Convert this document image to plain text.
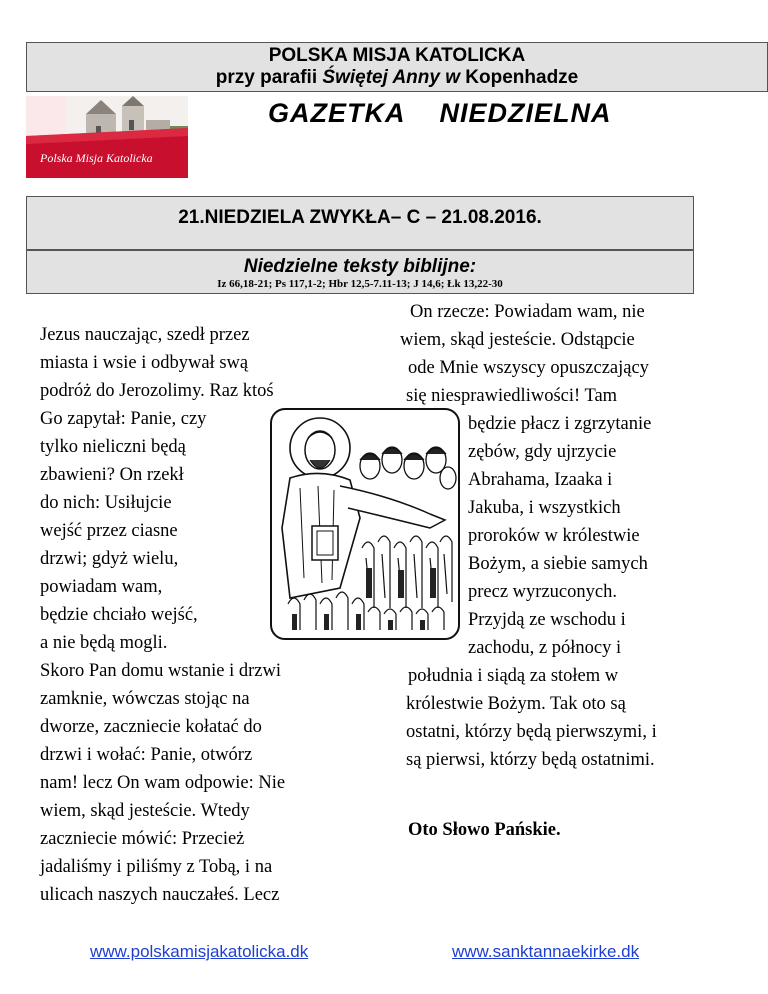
POLSKA MISJA KATOLICKA
przy parafii Świętej Anny w Kopenhadze
Polska Misja Katolicka
GAZETKA NIEDZIELNA
21.NIEDZIELA ZWYKŁA– C – 21.08.2016.
Niedzielne teksty biblijne:
Iz 66,18-21; Ps 117,1-2; Hbr 12,5-7.11-13; J 14,6; Łk 13,22-30
Jezus nauczając, szedł przez
miasta i wsie i odbywał swą
podróż do Jerozolimy. Raz ktoś
Go zapytał: Panie, czy
tylko nieliczni będą
zbawieni? On rzekł
do nich: Usiłujcie
wejść przez ciasne
drzwi; gdyż wielu,
powiadam wam,
będzie chciało wejść,
a nie będą mogli.
Skoro Pan domu wstanie i drzwi
zamknie, wówczas stojąc na
dworze, zaczniecie kołatać do
drzwi i wołać: Panie, otwórz
nam! lecz On wam odpowie: Nie
wiem, skąd jesteście. Wtedy
zaczniecie mówić: Przecież
jadaliśmy i piliśmy z Tobą, i na
ulicach naszych nauczałeś. Lecz
On rzecze: Powiadam wam, nie
wiem, skąd jesteście. Odstąpcie
ode Mnie wszyscy opuszczający
się niesprawiedliwości! Tam
będzie płacz i zgrzytanie
zębów, gdy ujrzycie
Abrahama, Izaaka i
Jakuba, i wszystkich
proroków w królestwie
Bożym, a siebie samych
precz wyrzuconych.
Przyjdą ze wschodu i
zachodu, z północy i
południa i siądą za stołem w
królestwie Bożym. Tak oto są
ostatni, którzy będą pierwszymi, i
są pierwsi, którzy będą ostatnimi.
Oto Słowo Pańskie.
www.polskamisjakatolicka.dk	www.sanktannaekirke.dk
